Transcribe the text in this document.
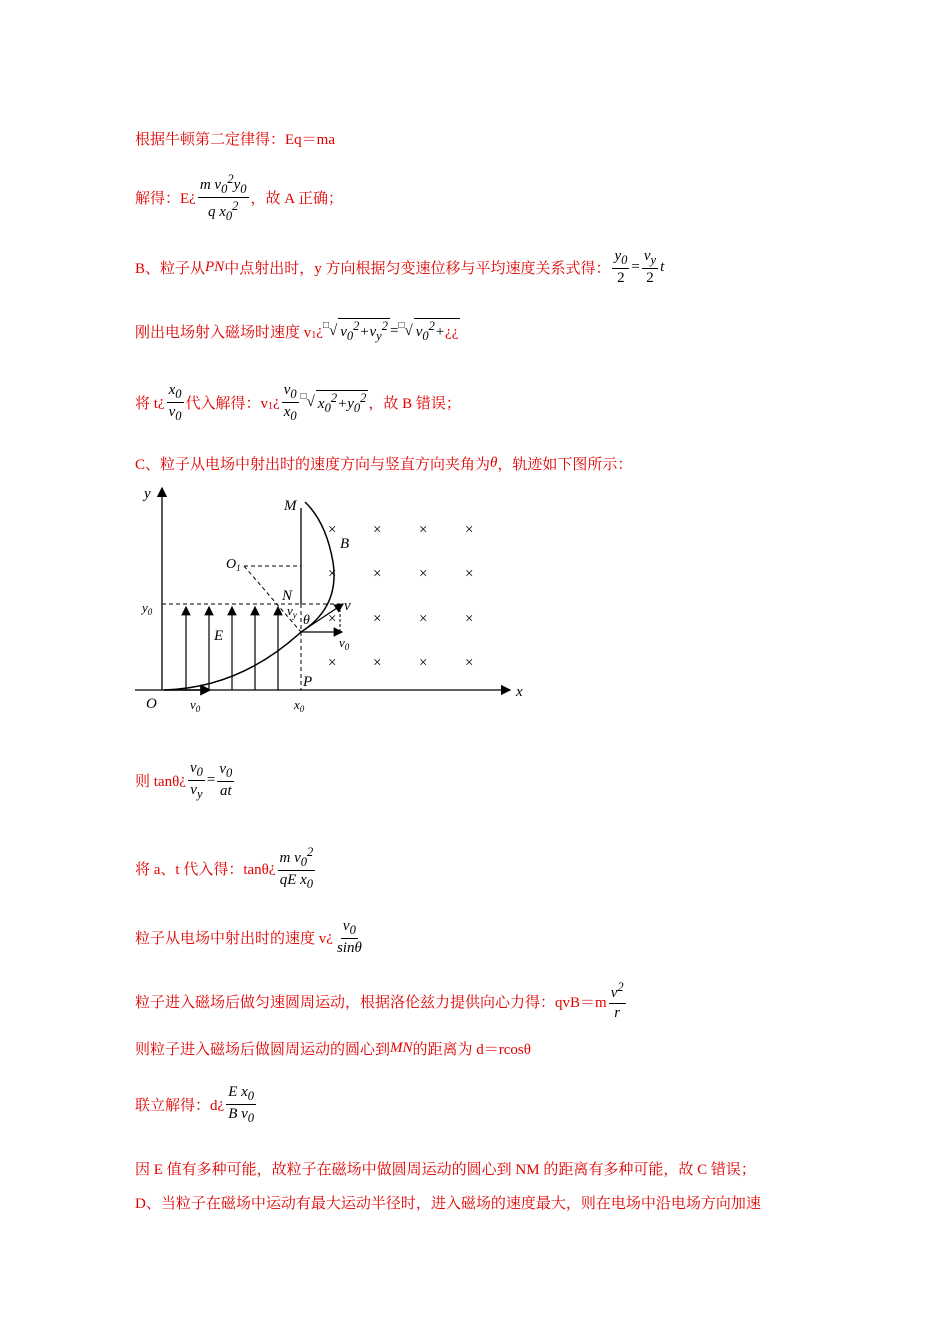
根据牛顿第二定律得：Eq＝ma
解得：E ¿ $\frac{m v_0^2y_0}{q x_0^2}$ ，故 A 正确；
B、粒子从 PN 中点射出时，y 方向根据匀变速位移与平均速度关系式得： $\frac{y_0}{2} = \frac{v_y}{2}$ t
刚出电场射入磁场时速度 v 1 ¿ □ √ $v_0^2+v_y^2$ = □ √ $v_0^2+¿¿$
将 t ¿ $\frac{x_0}{v_0}$ 代入解得：v 1 ¿ $\frac{v_0}{x_0}$ □ √ $x_0^2+y_0^2$ ，故 B 错误；
C、粒子从电场中射出时的速度方向与竖直方向夹角为 θ ，轨迹如下图所示：
y
x
O
M
N
P
$y_0$
E
v
$v_0$
$v_y$ θ
$O_1$
B
$v_0$	$x_0$
× ×	×	×
× ×	×	×
× ×	×	×
× ×	×	×
则 tanθ ¿ $\frac{v_0}{v_y} = \frac{v_0}{at}$
将 a、t 代入得：tanθ ¿ $\frac{m v_0^2}{qE x_0}$
粒子从电场中射出时的速度 v ¿ $\frac{v_0}{\sin\theta}$
粒子进入磁场后做匀速圆周运动，根据洛伦兹力提供向心力得：$qvB=m \frac{v^2}{r}$
则粒子进入磁场后做圆周运动的圆心到 MN 的距离为 d＝rcosθ
联立解得：d ¿ $\frac{E x_0}{B v_0}$
因 E 值有多种可能，故粒子在磁场中做圆周运动的圆心到 NM 的距离有多种可能，故 C 错误；
D、当粒子在磁场中运动有最大运动半径时，进入磁场的速度最大，则在电场中沿电场方向加速
